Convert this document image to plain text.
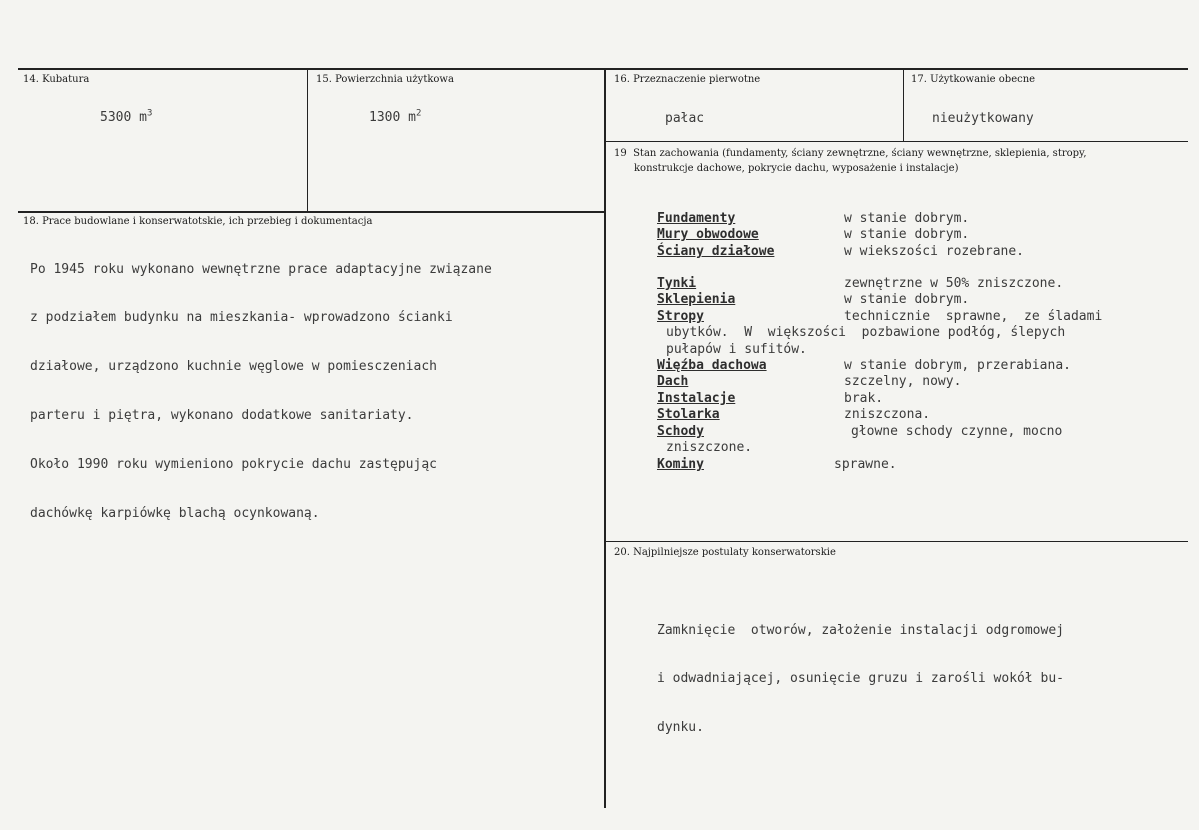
14. Kubatura
5300 $m^3$
15. Powierzchnia użytkowa
1300 $m^2$
16. Przeznaczenie pierwotne
pałac
17. Użytkowanie obecne
nieużytkowany
18. Prace budowlane i konserwatotskie, ich przebieg i dokumentacja

Po 1945 roku wykonano wewnętrzne prace adaptacyjne związane

z podziałem budynku na mieszkania- wprowadzono ścianki

działowe, urządzono kuchnie węglowe w pomiesczeniach

parteru i piętra, wykonano dodatkowe sanitariaty.

Około 1990 roku wymieniono pokrycie dachu zastępując

dachówkę karpiówkę blachą ocynkowaną.

19  Stan zachowania (fundamenty, ściany zewnętrzne, ściany wewnętrzne, sklepienia, stropy,
konstrukcje dachowe, pokrycie dachu, wyposażenie i instalacje)
Fundamenty	w stanie dobrym.
Mury obwodowe	w stanie dobrym.
Ściany działowe	w wiekszości rozebrane.
Tynki	zewnętrzne w 50% zniszczone.
Sklepienia	w stanie dobrym.
Stropy	technicznie  sprawne,  ze śladami
ubytków.  W  większości  pozbawione podłóg, ślepych
pułapów i sufitów.
Więźba dachowa	w stanie dobrym, przerabiana.
Dach	szczelny, nowy.
Instalacje	brak.
Stolarka	zniszczona.
Schody	głowne schody czynne, mocno
zniszczone.
Kominy	sprawne.
20. Najpilniejsze postulaty konserwatorskie

Zamknięcie  otworów, założenie instalacji odgromowej

i odwadniającej, osunięcie gruzu i zarośli wokół bu-

dynku.
